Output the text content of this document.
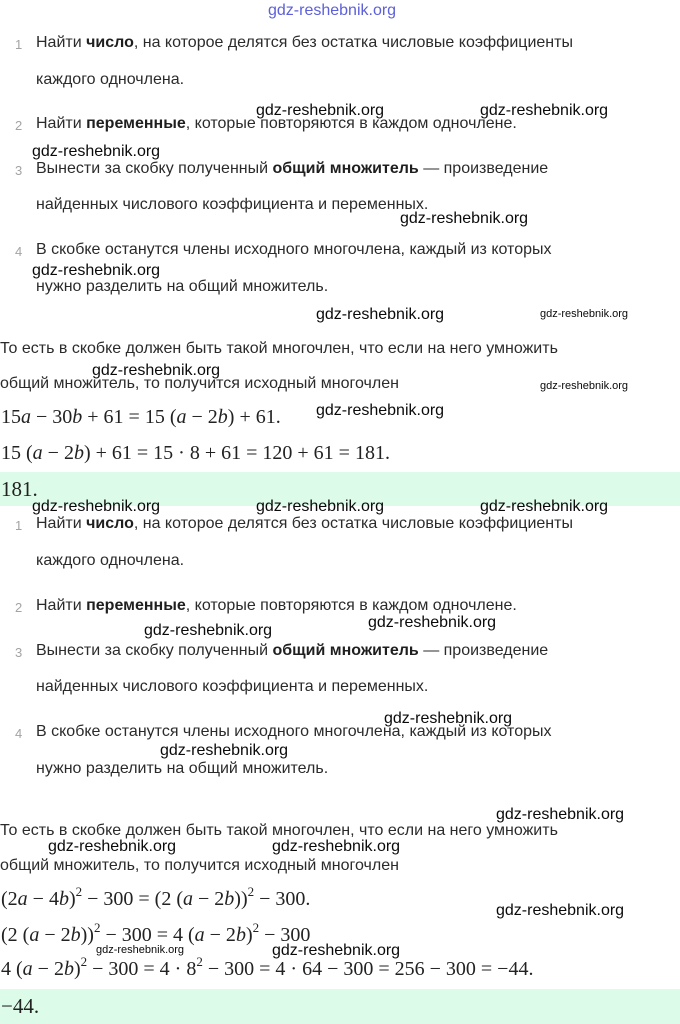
gdz-reshebnik.org
1 Найти число, на которое делятся без остатка числовые коэффициенты
каждого одночлена.
2 Найти переменные, которые повторяются в каждом одночлене.
3 Вынести за скобку полученный общий множитель — произведение
найденных числового коэффициента и переменных.
4 В скобке останутся члены исходного многочлена, каждый из которых
нужно разделить на общий множитель.
То есть в скобке должен быть такой многочлен, что если на него умножить
общий множитель, то получится исходный многочлен
15a − 30b + 61 = 15 (a − 2b) + 61.
15 (a − 2b) + 61 = 15 · 8 + 61 = 120 + 61 = 181.
181.
1 Найти число, на которое делятся без остатка числовые коэффициенты
каждого одночлена.
2 Найти переменные, которые повторяются в каждом одночлене.
3 Вынести за скобку полученный общий множитель — произведение
найденных числового коэффициента и переменных.
4 В скобке останутся члены исходного многочлена, каждый из которых
нужно разделить на общий множитель.
То есть в скобке должен быть такой многочлен, что если на него умножить
общий множитель, то получится исходный многочлен
$(2a - 4b)^2 - 300 = (2$ (a − 2b))$^2$ − 300.
(2 (a − 2b))$^2$ − 300 = 4 $(a - 2b)^2 - 300$
4 $(a - 2b)^2 - 300 = 4 \cdot 8^2 - 300 = 4 \cdot 64 - 300 = 256 - 300 = -44$.
−44.
gdz-reshebnik.org	gdz-reshebnik.org
gdz-reshebnik.org
gdz-reshebnik.org
gdz-reshebnik.org
gdz-reshebnik.org	gdz-reshebnik.org
gdz-reshebnik.org
gdz-reshebnik.org
gdz-reshebnik.org
gdz-reshebnik.org	gdz-reshebnik.org	gdz-reshebnik.org
gdz-reshebnik.org
gdz-reshebnik.org
gdz-reshebnik.org
gdz-reshebnik.org
gdz-reshebnik.org
gdz-reshebnik.org	gdz-reshebnik.org
gdz-reshebnik.org
gdz-reshebnik.org	gdz-reshebnik.org
